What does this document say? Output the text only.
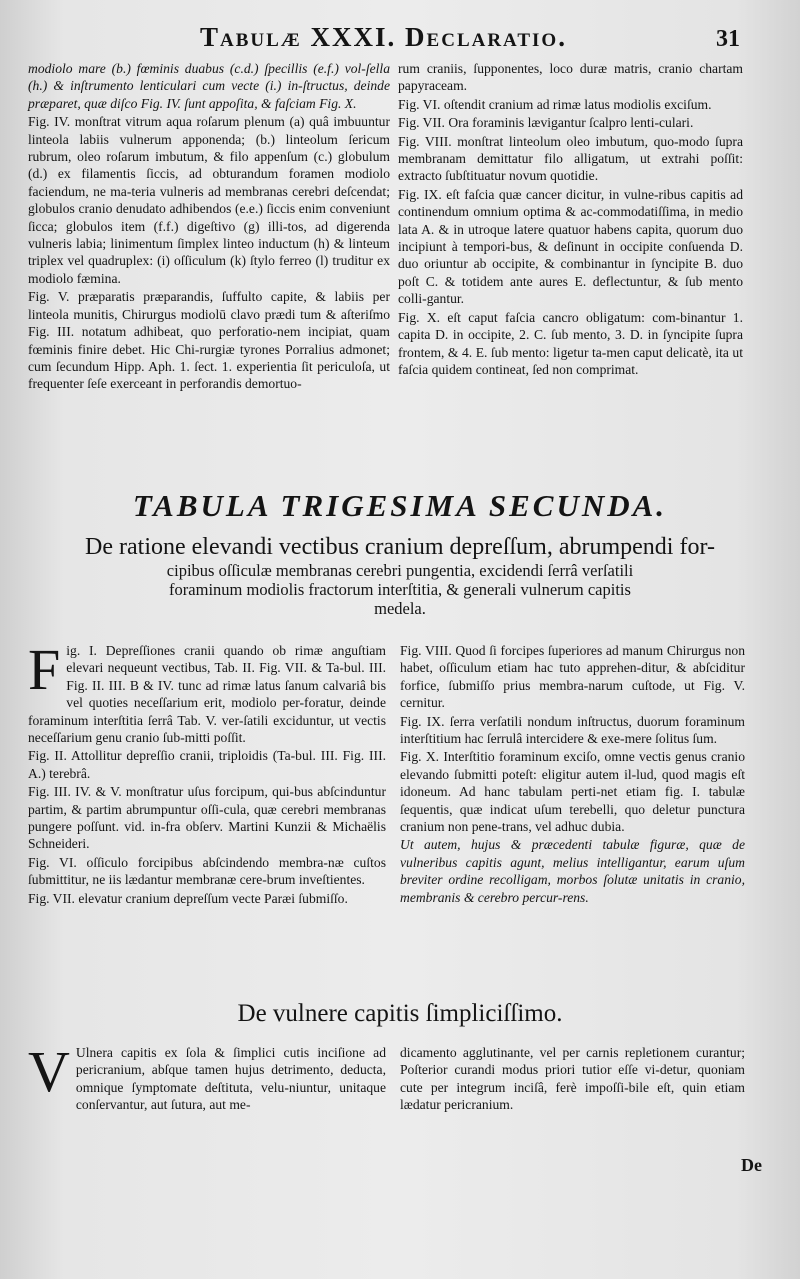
Tabulæ XXXI. Declaratio.	31

modiolo mare (b.) fœminis duabus (c.d.) ſpecillis (e.f.) vol-ſella (h.) & inſtrumento lenticulari cum vecte (i.) in-ſtructus, deinde præparet, quæ diſco Fig. IV. ſunt appoſita, & faſciam Fig. X.

Fig. IV. monſtrat vitrum aqua roſarum plenum (a) quâ imbuuntur linteola labiis vulnerum apponenda; (b.) linteolum ſericum rubrum, oleo roſarum imbutum, & filo appenſum (c.) globulum (d.) ex filamentis ſiccis, ad obturandum foramen modiolo faciendum, ne ma-teria vulneris ad membranas cerebri deſcendat; globulos cranio denudato adhibendos (e.e.) ſiccis enim conveniunt ſicca; globulos item (f.f.) digeſtivo (g) illi-tos, ad digerenda vulneris labia; linimentum ſimplex linteo inductum (h) & linteum triplex vel quadruplex: (i) oſſiculum (k) ſtylo ferreo (l) truditur ex modiolo fæmina.

Fig. V. præparatis præparandis, ſuffulto capite, & labiis per linteola munitis, Chirurgus modiolū clavo prædi tum & aſteriſmo Fig. III. notatum adhibeat, quo perforatio-nem incipiat, quam fœminis finire debet. Hic Chi-rurgiæ tyrones Porralius admonet; cum ſecundum Hipp. Aph. 1. ſect. 1. experientia ſit periculoſa, ut frequenter ſeſe exerceant in perforandis demortuo-

rum craniis, ſupponentes, loco duræ matris, cranio chartam papyraceam.

Fig. VI. oſtendit cranium ad rimæ latus modiolis exciſum.

Fig. VII. Ora foraminis lævigantur ſcalpro lenti-culari.

Fig. VIII. monſtrat linteolum oleo imbutum, quo-modo ſupra membranam demittatur filo alligatum, ut extrahi poſſit: extracto ſubſtituatur novum quotidie.

Fig. IX. eſt faſcia quæ cancer dicitur, in vulne-ribus capitis ad continendum omnium optima & ac-commodatiſſima, in medio lata A. & in utroque latere quatuor habens capita, quorum duo incipiunt à tempori-bus, & deſinunt in occipite conſuenda D. duo oriuntur ab occipite, & combinantur in ſyncipite B. duo poſt C. & totidem ante aures E. deflectuntur, & ſub mento colli-gantur.

Fig. X. eſt caput faſcia cancro obligatum: com-binantur 1. capita D. in occipite, 2. C. ſub mento, 3. D. in ſyncipite ſupra frontem, & 4. E. ſub mento: ligetur ta-men caput delicatè, ita ut faſcia quidem contineat, ſed non comprimat.

TABULA TRIGESIMA SECUNDA.
De ratione elevandi vectibus cranium depreſſum, abrumpendi for-
cipibus oſſiculæ membranas cerebri pungentia, excidendi ſerrâ verſatili
foraminum modiolis fractorum interſtitia, & generali vulnerum capitis
medela.

Fig. I. Depreſſiones cranii quando ob rimæ anguſtiam elevari nequeunt vectibus, Tab. II. Fig. VII. & Ta-bul. III. Fig. II. III. B & IV. tunc ad rimæ latus ſanum calvariâ bis vel quoties neceſſarium erit, modiolo per-foratur, deinde foraminum interſtitia ſerrâ Tab. V. ver-ſatili exciduntur, ut vectis neceſſarium genu cranio ſub-mitti poſſit.

Fig. II. Attollitur depreſſio cranii, triploidis (Ta-bul. III. Fig. III. A.) terebrâ.

Fig. III. IV. & V. monſtratur uſus forcipum, qui-bus abſcinduntur partim, & partim abrumpuntur oſſi-cula, quæ cerebri membranas pungere poſſunt. vid. in-fra obſerv. Martini Kunzii & Michaëlis Schneideri.

Fig. VI. oſſiculo forcipibus abſcindendo membra-næ cuſtos ſubmittitur, ne iis lædantur membranæ cere-brum inveſtientes.

Fig. VII. elevatur cranium depreſſum vecte Paræi ſubmiſſo.

Fig. VIII. Quod ſi forcipes ſuperiores ad manum Chirurgus non habet, oſſiculum etiam hac tuto apprehen-ditur, & abſciditur forfice, ſubmiſſo prius membra-narum cuſtode, ut Fig. V. cernitur.

Fig. IX. ſerra verſatili nondum inſtructus, duorum foraminum interſtitium hac ſerrulâ intercidere & exe-mere ſolitus ſum.

Fig. X. Interſtitio foraminum exciſo, omne vectis genus cranio elevando ſubmitti poteſt: eligitur autem il-lud, quod magis eſt idoneum. Ad hanc tabulam perti-net etiam fig. I. tabulæ ſequentis, quæ indicat uſum terebelli, quo deletur punctura cranium non pene-trans, vel adhuc dubia.

Ut autem, hujus & præcedenti tabulæ figuræ, quæ de vulneribus capitis agunt, melius intelligantur, earum uſum breviter ordine recolligam, morbos ſolutæ unitatis in cranio, membranis & cerebro percur-rens.

De vulnere capitis ſimpliciſſimo.

V Ulnera capitis ex ſola & ſimplici cutis inciſione ad pericranium, abſque tamen hujus detrimento, deducta, omnique ſymptomate deſtituta, velu-niuntur, unitaque conſervantur, aut ſutura, aut me-

dicamento agglutinante, vel per carnis repletionem curantur; Poſterior curandi modus priori tutior eſſe vi-detur, quoniam cute per integrum inciſâ, ferè impoſſi-bile eſt, quin etiam lædatur pericranium.

De
